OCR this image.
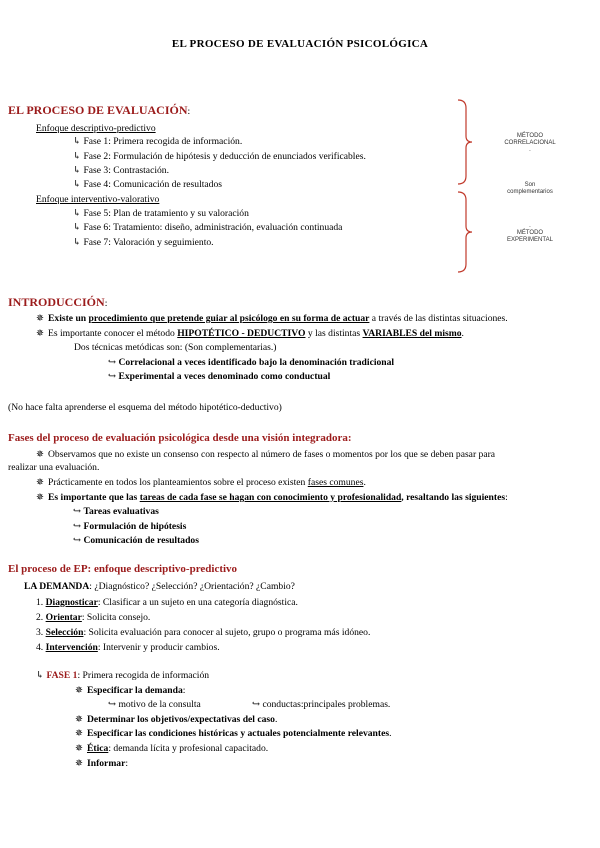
EL PROCESO DE EVALUACIÓN PSICOLÓGICA
EL PROCESO DE EVALUACIÓN:
Enfoque descriptivo-predictivo
↳ Fase 1: Primera recogida de información.
↳ Fase 2: Formulación de hipótesis y deducción de enunciados verificables.
↳ Fase 3: Contrastación.
↳ Fase 4: Comunicación de resultados
Enfoque interventivo-valorativo
↳ Fase 5: Plan de tratamiento y su valoración
↳ Fase 6: Tratamiento: diseño, administración, evaluación continuada
↳ Fase 7: Valoración y seguimiento.
MÉTODO
CORRELACIONAL
.
Son
complementarios
.
MÉTODO
EXPERIMENTAL
INTRODUCCIÓN:
✵ Existe un procedimiento que pretende guiar al psicólogo en su forma de actuar a través de las distintas situaciones.
✵ Es importante conocer el método HIPOTÉTICO - DEDUCTIVO y las distintas VARIABLES del mismo.
Dos técnicas metódicas son: (Son complementarias.)
↪ Correlacional a veces identificado bajo la denominación tradicional
↪ Experimental a veces denominado como conductual
(No hace falta aprenderse el esquema del método hipotético-deductivo)
Fases del proceso de evaluación psicológica desde una visión integradora:
✵ Observamos que no existe un consenso con respecto al número de fases o momentos por los que se deben pasar para
realizar una evaluación.
✵ Prácticamente en todos los planteamientos sobre el proceso existen fases comunes.
✵ Es importante que las tareas de cada fase se hagan con conocimiento y profesionalidad, resaltando las siguientes:
↪ Tareas evaluativas
↪ Formulación de hipótesis
↪ Comunicación de resultados
El proceso de EP: enfoque descriptivo-predictivo
LA DEMANDA: ¿Diagnóstico? ¿Selección? ¿Orientación? ¿Cambio?
1. Diagnosticar: Clasificar a un sujeto en una categoría diagnóstica.
2. Orientar: Solicita consejo.
3. Selección: Solicita evaluación para conocer al sujeto, grupo o programa más idóneo.
4. Intervención: Intervenir y producir cambios.
↳ FASE 1: Primera recogida de información
✵ Especificar la demanda:
↪ motivo de la consulta	↪ conductas:principales problemas.
✵ Determinar los objetivos/expectativas del caso.
✵ Especificar las condiciones históricas y actuales potencialmente relevantes.
✵ Ética: demanda lícita y profesional capacitado.
✵ Informar:
